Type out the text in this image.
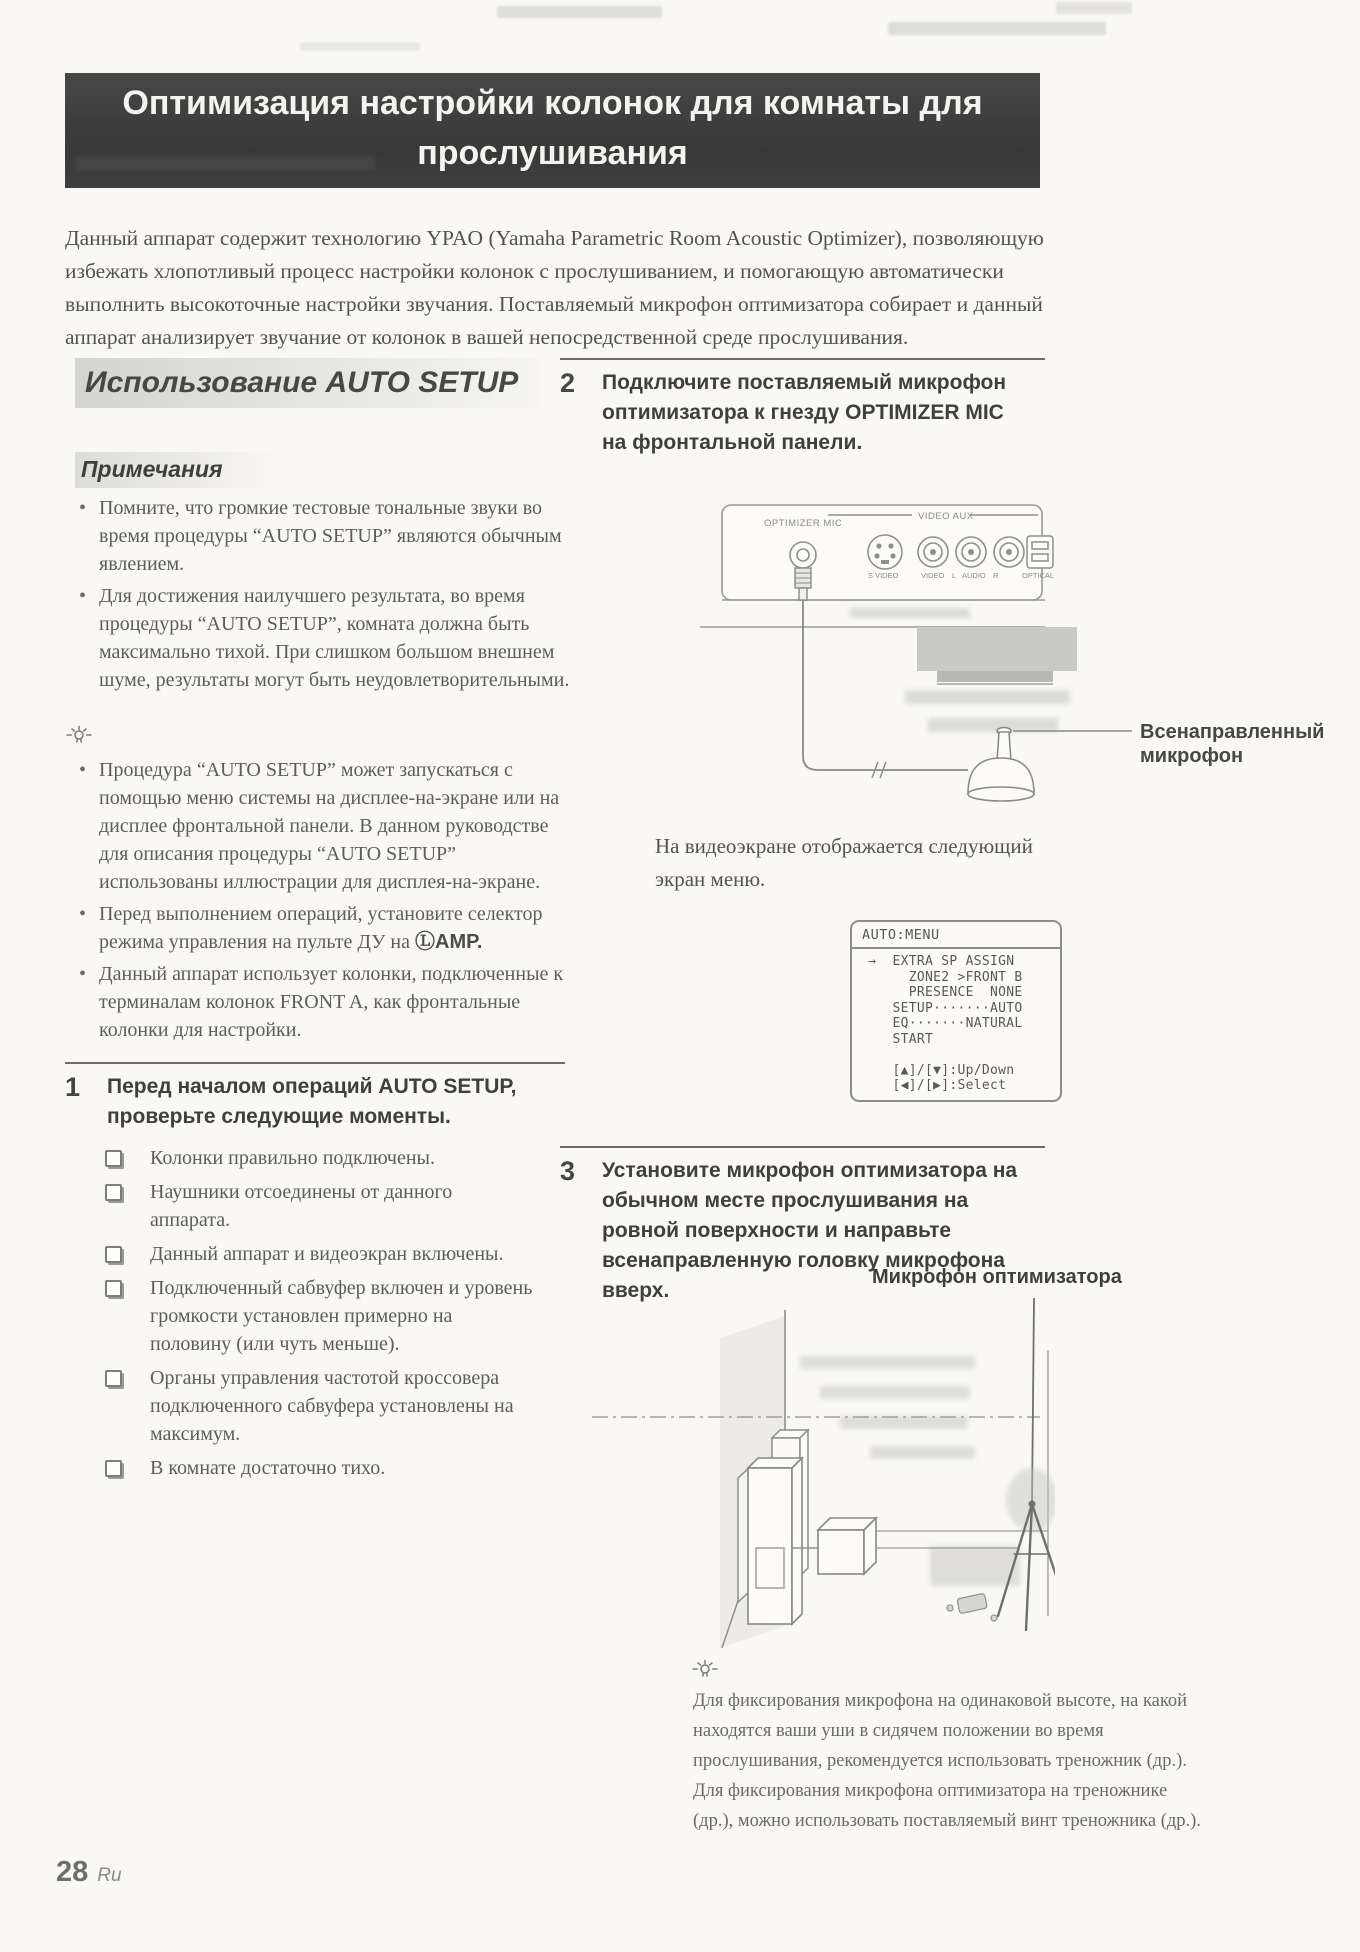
Оптимизация настройки колонок для комнаты для
прослушивания
Данный аппарат содержит технологию YPAO (Yamaha Parametric Room Acoustic Optimizer), позволяющую избежать хлопотливый процесс настройки колонок с прослушиванием, и помогающую автоматически выполнить высокоточные настройки звучания. Поставляемый микрофон оптимизатора собирает и данный аппарат анализирует звучание от колонок в вашей непосредственной среде прослушивания.
Использование AUTO SETUP
Примечания
• Помните, что громкие тестовые тональные звуки во время процедуры “AUTO SETUP” являются обычным явлением.
• Для достижения наилучшего результата, во время процедуры “AUTO SETUP”, комната должна быть максимально тихой. При слишком большом внешнем шуме, результаты могут быть неудовлетворительными.
• Процедура “AUTO SETUP” может запускаться с помощью меню системы на дисплее-на-экране или на дисплее фронтальной панели. В данном руководстве для описания процедуры “AUTO SETUP” использованы иллюстрации для дисплея-на-экране.
• Перед выполнением операций, установите селектор режима управления на пульте ДУ на ⓁAMP.
• Данный аппарат использует колонки, подключенные к терминалам колонок FRONT A, как фронтальные колонки для настройки.
1	Перед началом операций AUTO SETUP, проверьте следующие моменты.
Колонки правильно подключены.
Наушники отсоединены от данного аппарата.
Данный аппарат и видеоэкран включены.
Подключенный сабвуфер включен и уровень громкости установлен примерно на половину (или чуть меньше).
Органы управления частотой кроссовера подключенного сабвуфера установлены на максимум.
В комнате достаточно тихо.
2	Подключите поставляемый микрофон оптимизатора к гнезду OPTIMIZER MIC на фронтальной панели.
OPTIMIZER MIC
VIDEO AUX
S VIDEO	VIDEO L AUDIO R	OPTICAL
Всенаправленный
микрофон
На видеоэкране отображается следующий экран меню.
AUTO:MENU
→  EXTRA SP ASSIGN
ZONE2 >FRONT B
PRESENCE  NONE
SETUP·······AUTO
EQ·······NATURAL
START
[▲]/[▼]:Up/Down
[◀]/[▶]:Select
3	Установите микрофон оптимизатора на обычном месте прослушивания на ровной поверхности и направьте всенаправленную головку микрофона вверх.
Микрофон оптимизатора
Для фиксирования микрофона на одинаковой высоте, на какой находятся ваши уши в сидячем положении во время прослушивания, рекомендуется использовать треножник (др.). Для фиксирования микрофона оптимизатора на треножнике (др.), можно использовать поставляемый винт треножника (др.).
28 Ru
